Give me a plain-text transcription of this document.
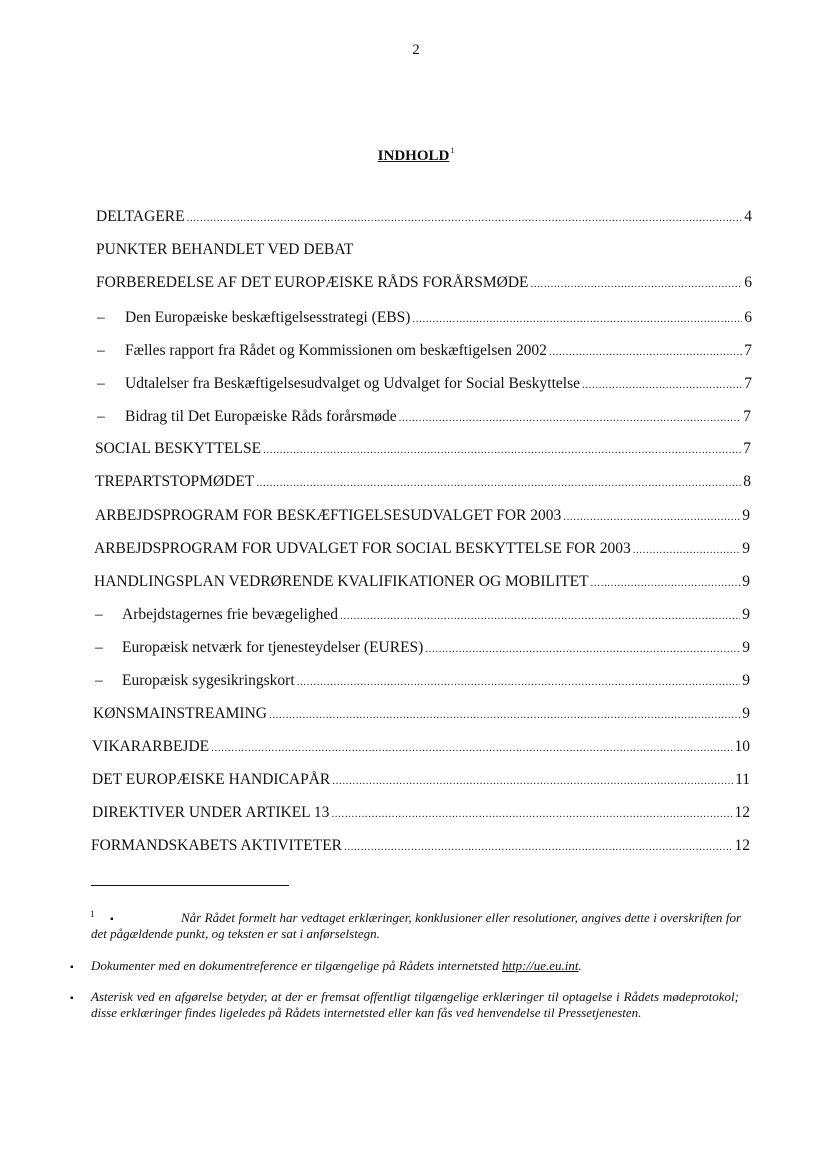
2
INDHOLD$^1$
DELTAGERE .....	4
PUNKTER BEHANDLET VED DEBAT
FORBEREDELSE AF DET EUROPÆISKE RÅDS FORÅRSMØDE .....	6
– Den Europæiske beskæftigelsesstrategi (EBS) .....	6
– Fælles rapport fra Rådet og Kommissionen om beskæftigelsen 2002 .....	7
– Udtalelser fra Beskæftigelsesudvalget og Udvalget for Social Beskyttelse .....	7
– Bidrag til Det Europæiske Råds forårsmøde .....	7
SOCIAL BESKYTTELSE .....	7
TREPARTSTOPMØDET .....	8
ARBEJDSPROGRAM FOR BESKÆFTIGELSESUDVALGET FOR 2003 .....	9
ARBEJDSPROGRAM FOR UDVALGET FOR SOCIAL BESKYTTELSE FOR 2003 .....	9
HANDLINGSPLAN VEDRØRENDE KVALIFIKATIONER OG MOBILITET .....	9
– Arbejdstagernes frie bevægelighed .....	9
– Europæisk netværk for tjenesteydelser (EURES) .....	9
– Europæisk sygesikringskort .....	9
KØNSMAINSTREAMING .....	9
VIKARARBEJDE .....	10
DET EUROPÆISKE HANDICAPÅR .....	11
DIREKTIVER UNDER ARTIKEL 13 .....	12
FORMANDSKABETS AKTIVITETER .....	12
1 ▪	Når Rådet formelt har vedtaget erklæringer, konklusioner eller resolutioner, angives dette i overskriften for det pågældende punkt, og teksten er sat i anførselstegn.
▪ Dokumenter med en dokumentreference er tilgængelige på Rådets internetsted http://ue.eu.int.
▪ Asterisk ved en afgørelse betyder, at der er fremsat offentligt tilgængelige erklæringer til optagelse i Rådets mødeprotokol; disse erklæringer findes ligeledes på Rådets internetsted eller kan fås ved henvendelse til Pressetjenesten.
